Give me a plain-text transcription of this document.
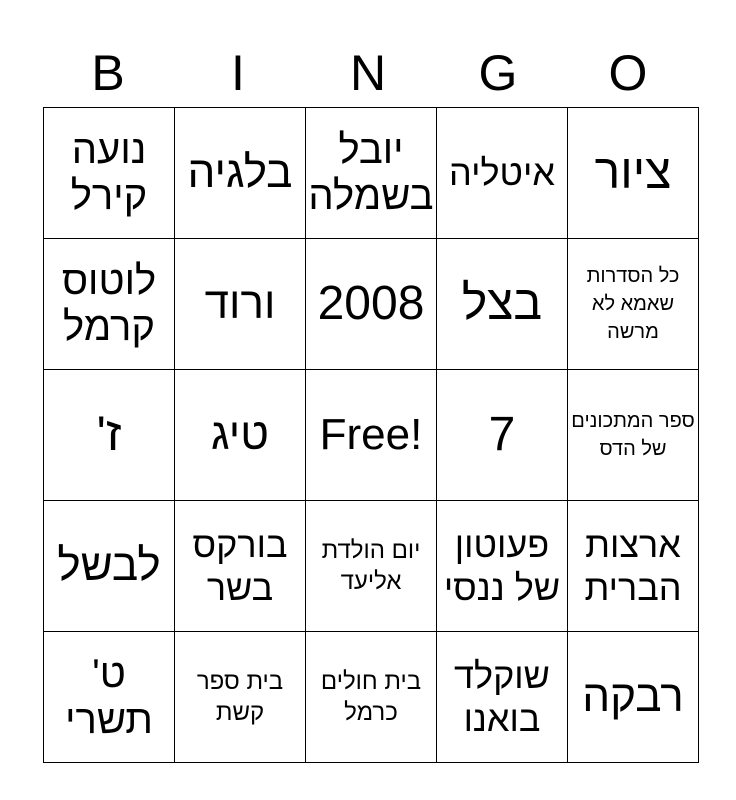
B	I	N	G	O
נועה קירל	בלגיה	יובל בשמלה	איטליה	ציור

לוטוס קרמל	ורוד	2008	בצל	כל הסדרות שאמא לא מרשה

ז'	טיג	Free!	7	ספר המתכונים של הדס

לבשל	בורקס בשר	יום הולדת אליעד	פעוטון של ננסי	ארצות הברית

ט' תשרי	בית ספר קשת	בית חולים כרמל	שוקלד בואנו	רבקה
